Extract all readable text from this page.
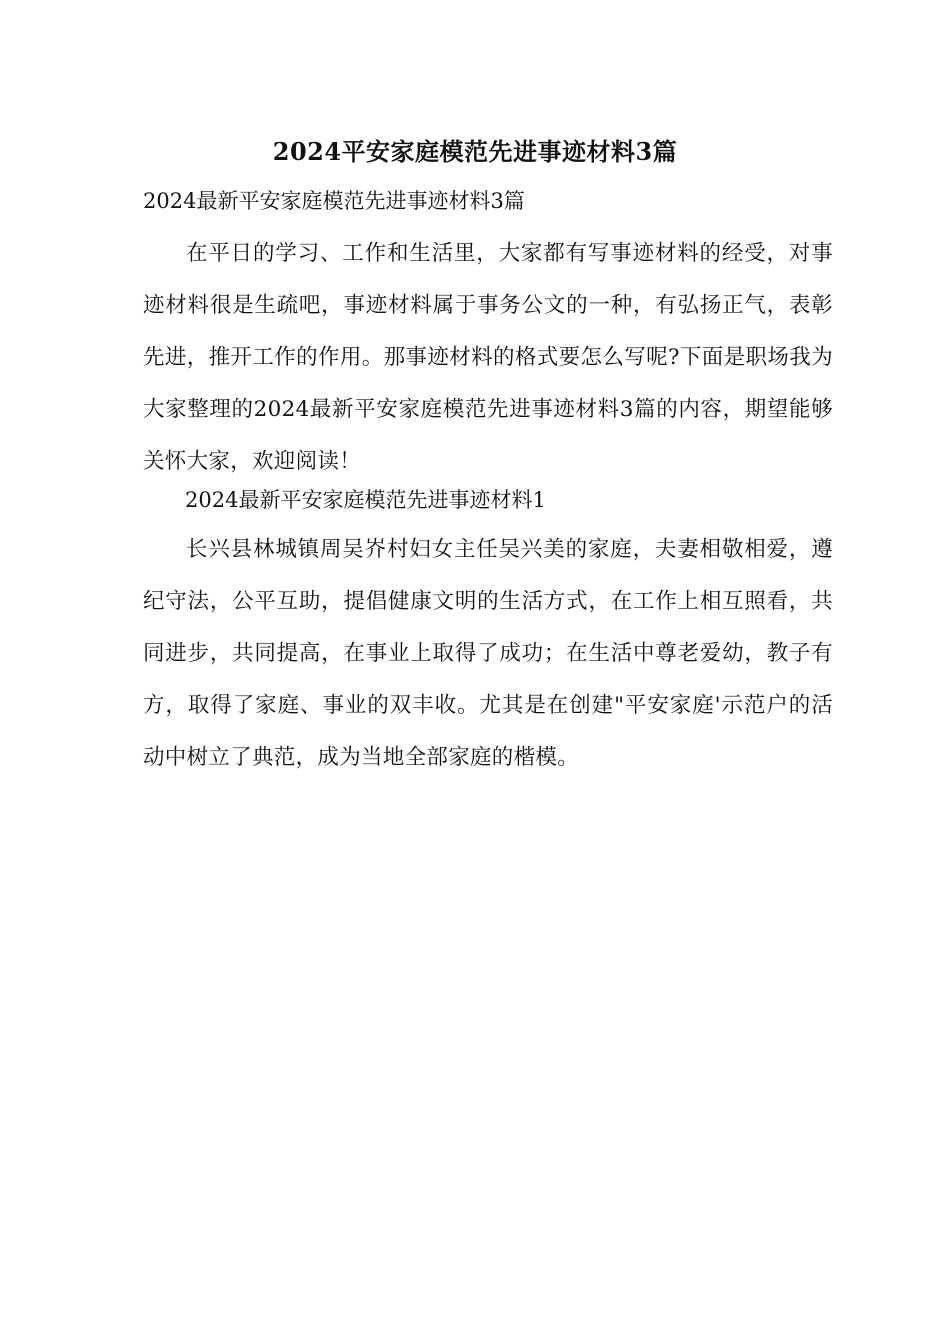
2024平安家庭模范先进事迹材料3篇

2024最新平安家庭模范先进事迹材料3篇

在平日的学习、工作和生活里，大家都有写事迹材料的经受，对事迹材料很是生疏吧，事迹材料属于事务公文的一种，有弘扬正气，表彰先进，推开工作的作用。那事迹材料的格式要怎么写呢?下面是职场我为大家整理的2024最新平安家庭模范先进事迹材料3篇的内容，期望能够关怀大家，欢迎阅读！

2024最新平安家庭模范先进事迹材料1

长兴县林城镇周吴岕村妇女主任吴兴美的家庭，夫妻相敬相爱，遵纪守法，公平互助，提倡健康文明的生活方式，在工作上相互照看，共同进步，共同提高，在事业上取得了成功；在生活中尊老爱幼，教子有方，取得了家庭、事业的双丰收。尤其是在创建"平安家庭'示范户的活动中树立了典范，成为当地全部家庭的楷模。
